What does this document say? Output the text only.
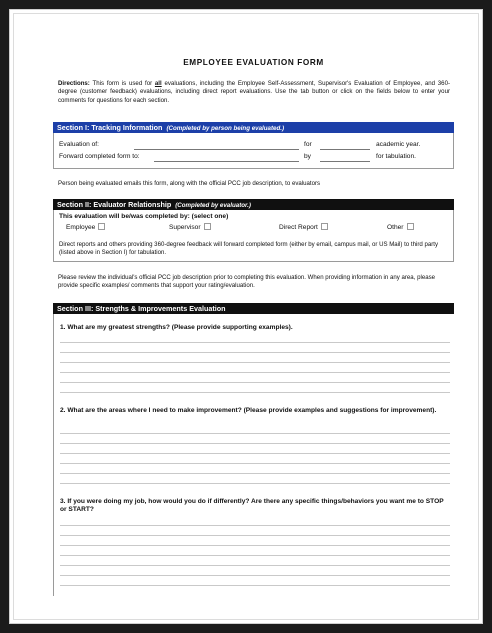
EMPLOYEE EVALUATION FORM
Directions: This form is used for all evaluations, including the Employee Self-Assessment, Supervisor's Evaluation of Employee, and 360-degree (customer feedback) evaluations, including direct report evaluations. Use the tab button or click on the fields below to enter your comments for questions for each section.
Section I: Tracking Information (Completed by person being evaluated.)
Evaluation of:	for	academic year.
Forward completed form to:	by	for tabulation.
Person being evaluated emails this form, along with the official PCC job description, to evaluators
Section II: Evaluator Relationship (Completed by evaluator.)
This evaluation will be/was completed by: (select one)
Employee	Supervisor	Direct Report	Other
Direct reports and others providing 360-degree feedback will forward completed form (either by email, campus mail, or US Mail) to third party (listed above in Section I) for tabulation.
Please review the individual's official PCC job description prior to completing this evaluation. When providing information in any area, please provide specific examples/ comments that support your rating/evaluation.
Section III: Strengths & Improvements Evaluation
1. What are my greatest strengths? (Please provide supporting examples).
2. What are the areas where I need to make improvement? (Please provide examples and suggestions for improvement).
3. If you were doing my job, how would you do if differently? Are there any specific things/behaviors you want me to STOP or START?
